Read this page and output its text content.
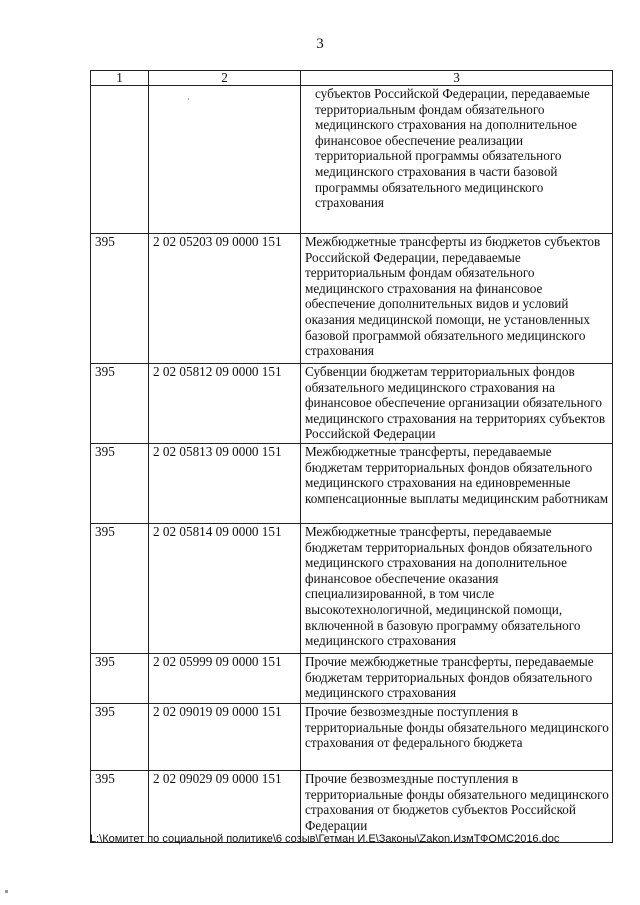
3
1	2	3

	·	субъектов Российской Федерации, передаваемые территориальным фондам обязательного медицинского страхования на дополнительное финансовое обеспечение реализации территориальной программы обязательного медицинского страхования в части базовой программы обязательного медицинского страхования
395	2 02 05203 09 0000 151	Межбюджетные трансферты из бюджетов субъектов Российской Федерации, передаваемые территориальным фондам обязательного медицинского страхования на финансовое обеспечение дополнительных видов и условий оказания медицинской помощи, не установленных базовой программой обязательного медицинского страхования
395	2 02 05812 09 0000 151	Субвенции бюджетам территориальных фондов обязательного медицинского страхования на финансовое обеспечение организации обязательного медицинского страхования на территориях субъектов Российской Федерации
395	2 02 05813 09 0000 151	Межбюджетные трансферты, передаваемые бюджетам территориальных фондов обязательного медицинского страхования на единовременные компенсационные выплаты медицинским работникам
395	2 02 05814 09 0000 151	Межбюджетные трансферты, передаваемые бюджетам территориальных фондов обязательного медицинского страхования на дополнительное финансовое обеспечение оказания специализированной, в том числе высокотехнологичной, медицинской помощи, включенной в базовую программу обязательного медицинского страхования
395	2 02 05999 09 0000 151	Прочие межбюджетные трансферты, передаваемые бюджетам территориальных фондов обязательного медицинского страхования
395	2 02 09019 09 0000 151	Прочие безвозмездные поступления в территориальные фонды обязательного медицинского страхования от федерального бюджета
395	2 02 09029 09 0000 151	Прочие безвозмездные поступления в территориальные фонды обязательного медицинского страхования от бюджетов субъектов Российской Федерации
L:\Комитет по социальной политике\6 созыв\Гетман И.Е\Законы\Zakon.ИзмТФОМС2016.doc
